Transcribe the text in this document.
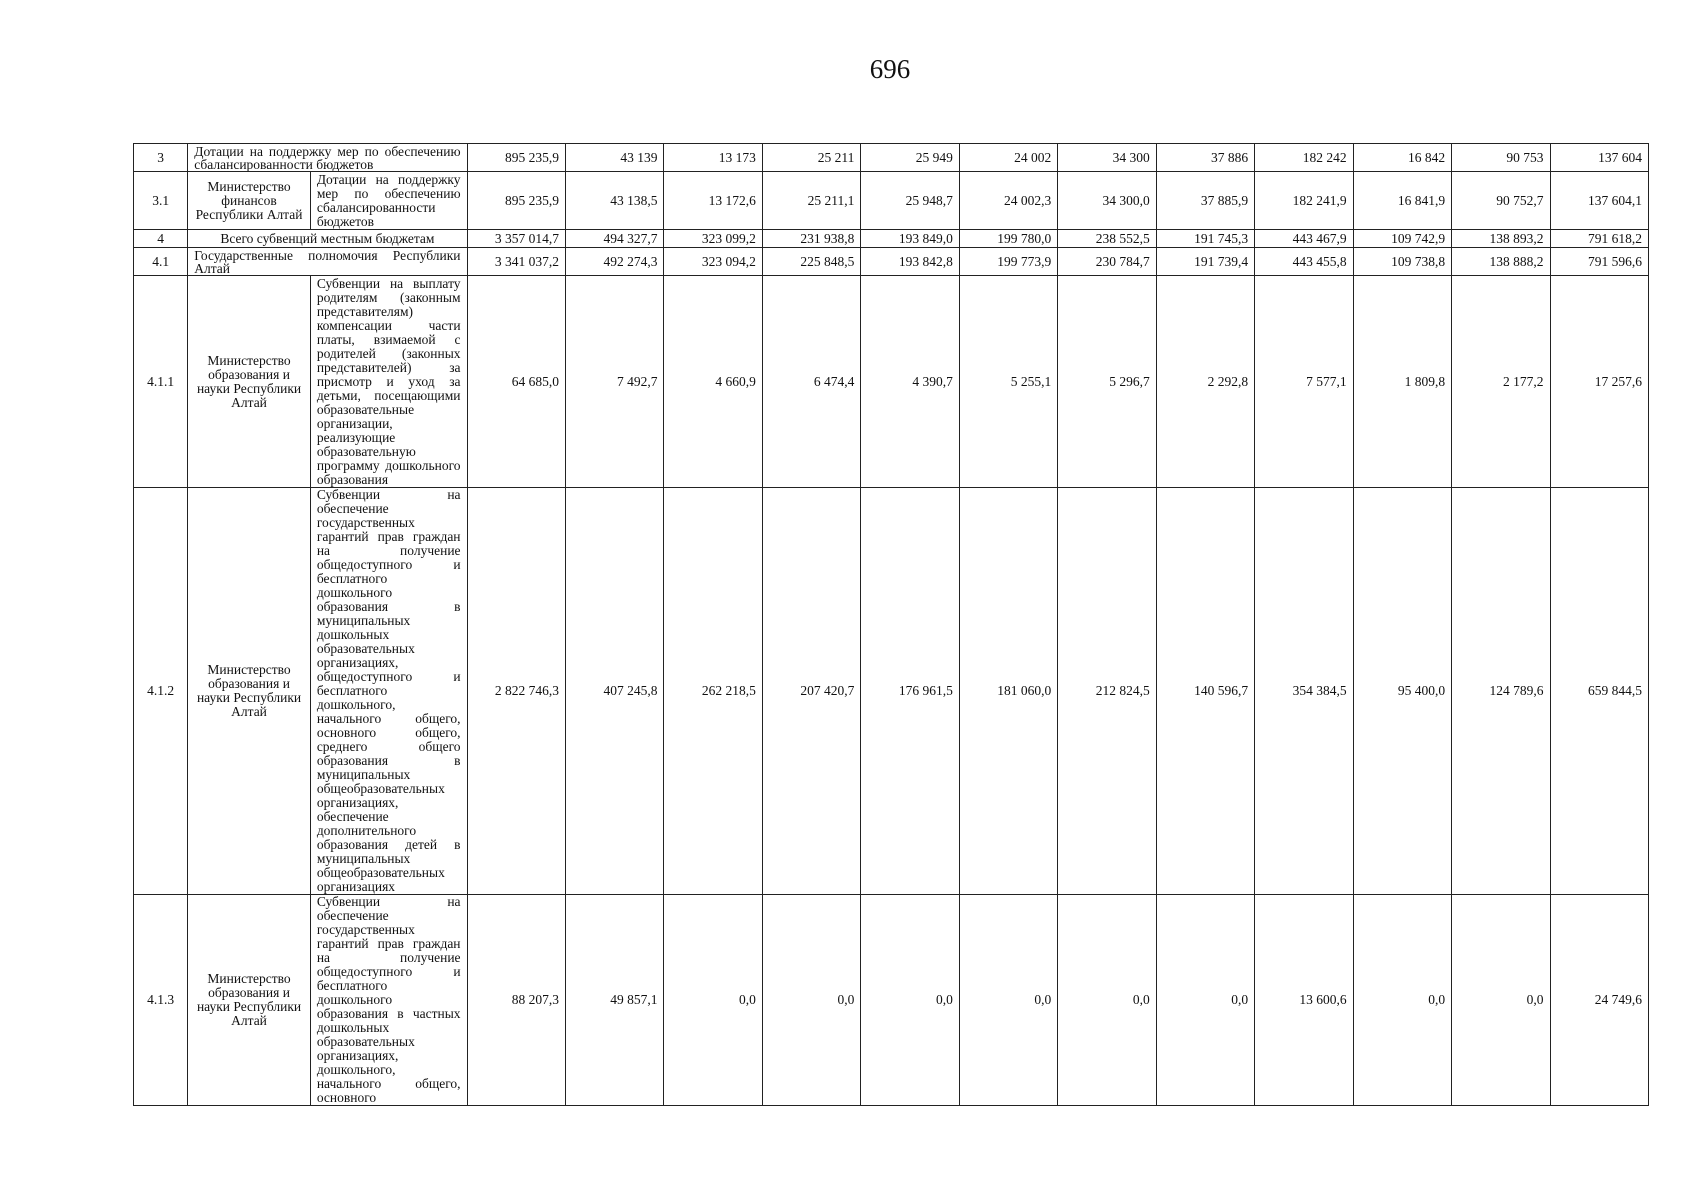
696
3	Дотации на поддержку мер по обеспечению сбалансированности бюджетов		895 235,9	43 139	13 173	25 211	25 949	24 002	34 300	37 886	182 242	16 842	90 753	137 604
3.1	Министерство финансов Республики Алтай	Дотации на поддержку мер по обеспечению сбалансированности бюджетов	895 235,9	43 138,5	13 172,6	25 211,1	25 948,7	24 002,3	34 300,0	37 885,9	182 241,9	16 841,9	90 752,7	137 604,1
4	Всего субвенций местным бюджетам		3 357 014,7	494 327,7	323 099,2	231 938,8	193 849,0	199 780,0	238 552,5	191 745,3	443 467,9	109 742,9	138 893,2	791 618,2
4.1	Государственные полномочия Республики Алтай		3 341 037,2	492 274,3	323 094,2	225 848,5	193 842,8	199 773,9	230 784,7	191 739,4	443 455,8	109 738,8	138 888,2	791 596,6
4.1.1	Министерство образования и науки Республики Алтай	Субвенции на выплату родителям (законным представителям) компенсации части платы, взимаемой с родителей (законных представителей) за присмотр и уход за детьми, посещающими образовательные организации, реализующие образовательную программу дошкольного образования	64 685,0	7 492,7	4 660,9	6 474,4	4 390,7	5 255,1	5 296,7	2 292,8	7 577,1	1 809,8	2 177,2	17 257,6
4.1.2	Министерство образования и науки Республики Алтай	Субвенции на обеспечение государственных гарантий прав граждан на получение общедоступного и бесплатного дошкольного образования в муниципальных дошкольных образовательных организациях, общедоступного и бесплатного дошкольного, начального общего, основного общего, среднего общего образования в муниципальных общеобразовательных организациях, обеспечение дополнительного образования детей в муниципальных общеобразовательных организациях	2 822 746,3	407 245,8	262 218,5	207 420,7	176 961,5	181 060,0	212 824,5	140 596,7	354 384,5	95 400,0	124 789,6	659 844,5
4.1.3	Министерство образования и науки Республики Алтай	Субвенции на обеспечение государственных гарантий прав граждан на получение общедоступного и бесплатного дошкольного образования в частных дошкольных образовательных организациях, дошкольного, начального общего, основного	88 207,3	49 857,1	0,0	0,0	0,0	0,0	0,0	0,0	13 600,6	0,0	0,0	24 749,6
